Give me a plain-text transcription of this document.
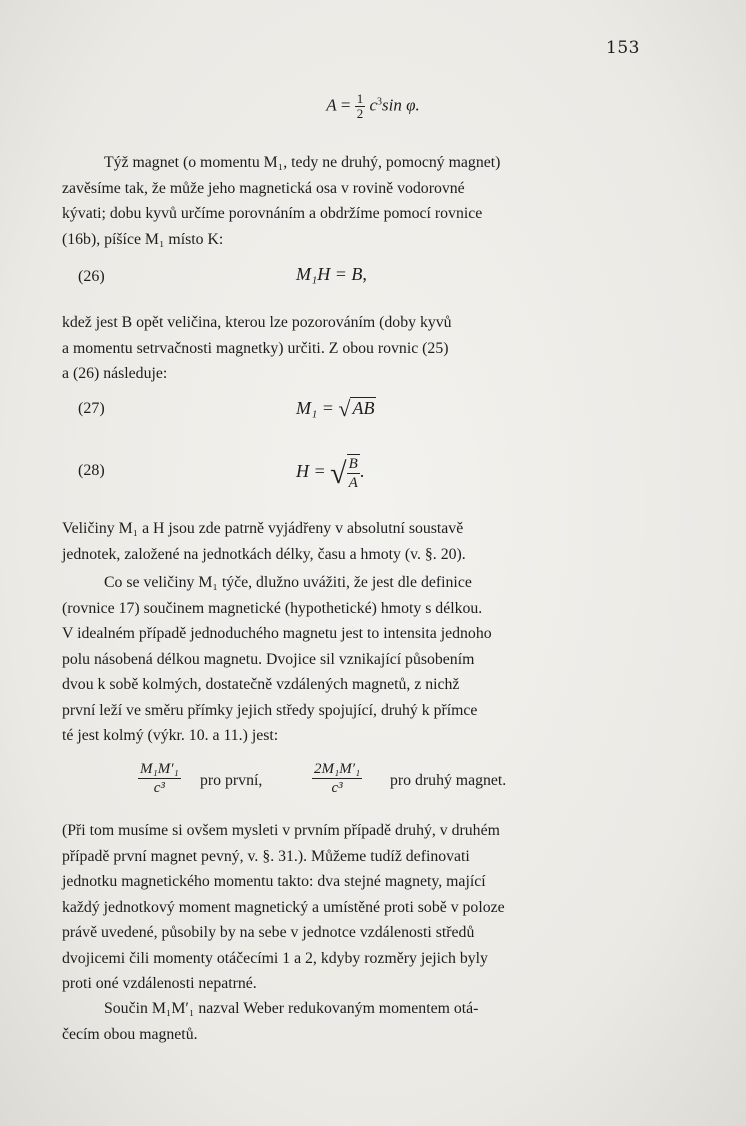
153
$A = \frac{1}{2} c^3\sin$ φ.
Týž magnet (o momentu M₁, tedy ne druhý, pomocný magnet)
zavěsíme tak, že může jeho magnetická osa v rovině vodorovné
kývati; dobu kyvů určíme porovnáním a obdržíme pomocí rovnice
(16b), píšíce M₁ místo K:
(26)	M₁H = B,
kdež jest B opět veličina, kterou lze pozorováním (doby kyvů
a momentu setrvačnosti magnetky) určiti. Z obou rovnic (25)
a (26) následuje:
(27)	M₁ = √ AB
(28)	H = √ $\frac{B}{A}$ .
Veličiny M₁ a H jsou zde patrně vyjádřeny v absolutní soustavě
jednotek, založené na jednotkách délky, času a hmoty (v. §. 20).
Co se veličiny M₁ týče, dlužno uvážiti, že jest dle definice
(rovnice 17) součinem magnetické (hypothetické) hmoty s délkou.
V idealném případě jednoduchého magnetu jest to intensita jednoho
polu násobená délkou magnetu. Dvojice sil vznikající působením
dvou k sobě kolmých, dostatečně vzdálených magnetů, z nichž
první leží ve směru přímky jejich středy spojující, druhý k přímce
té jest kolmý (výkr. 10. a 11.) jest:
$\frac{\text{M₁M′₁}}{\text{c³}}$ pro první,	$\frac{\text{2M₁M′₁}}{\text{c³}}$ pro druhý magnet.
(Při tom musíme si ovšem mysleti v prvním případě druhý, v druhém
případě první magnet pevný, v. §. 31.). Můžeme tudíž definovati
jednotku magnetického momentu takto: dva stejné magnety, mající
každý jednotkový moment magnetický a umístěné proti sobě v poloze
právě uvedené, působily by na sebe v jednotce vzdálenosti středů
dvojicemi čili momenty otáčecími 1 a 2, kdyby rozměry jejich byly
proti oné vzdálenosti nepatrné.
Součin M₁M′₁ nazval Weber redukovaným momentem otá-
čecím obou magnetů.
